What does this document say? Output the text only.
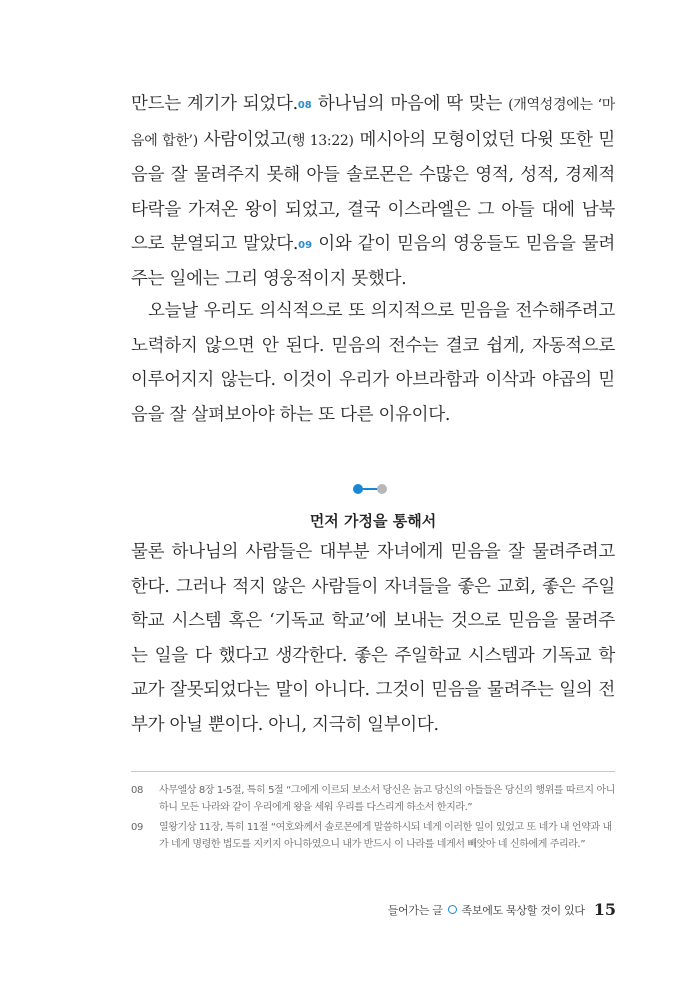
만드는 계기가 되었다.$^{08}$ 하나님의 마음에 딱 맞는 (개역성경에는 ‘마음에 합한’) 사람이었고(행 13:22) 메시아의 모형이었던 다윗 또한 믿음을 잘 물려주지 못해 아들 솔로몬은 수많은 영적, 성적, 경제적 타락을 가져온 왕이 되었고, 결국 이스라엘은 그 아들 대에 남북으로 분열되고 말았다.$^{09}$ 이와 같이 믿음의 영웅들도 믿음을 물려주는 일에는 그리 영웅적이지 못했다.

오늘날 우리도 의식적으로 또 의지적으로 믿음을 전수해주려고 노력하지 않으면 안 된다. 믿음의 전수는 결코 쉽게, 자동적으로 이루어지지 않는다. 이것이 우리가 아브라함과 이삭과 야곱의 믿음을 잘 살펴보아야 하는 또 다른 이유이다.

먼저 가정을 통해서

물론 하나님의 사람들은 대부분 자녀에게 믿음을 잘 물려주려고 한다. 그러나 적지 않은 사람들이 자녀들을 좋은 교회, 좋은 주일학교 시스템 혹은 ‘기독교 학교’에 보내는 것으로 믿음을 물려주는 일을 다 했다고 생각한다. 좋은 주일학교 시스템과 기독교 학교가 잘못되었다는 말이 아니다. 그것이 믿음을 물려주는 일의 전부가 아닐 뿐이다. 아니, 지극히 일부이다.

08 사무엘상 8장 1-5절, 특히 5절 “그에게 이르되 보소서 당신은 늙고 당신의 아들들은 당신의 행위를 따르지 아니하니 모든 나라와 같이 우리에게 왕을 세워 우리를 다스리게 하소서 한지라.”
09 열왕기상 11장, 특히 11절 “여호와께서 솔로몬에게 말씀하시되 네게 이러한 일이 있었고 또 네가 내 언약과 내가 네게 명령한 법도를 지키지 아니하였으니 내가 반드시 이 나라를 네게서 빼앗아 네 신하에게 주리라.”
들어가는 글 족보에도 묵상할 것이 있다 15
